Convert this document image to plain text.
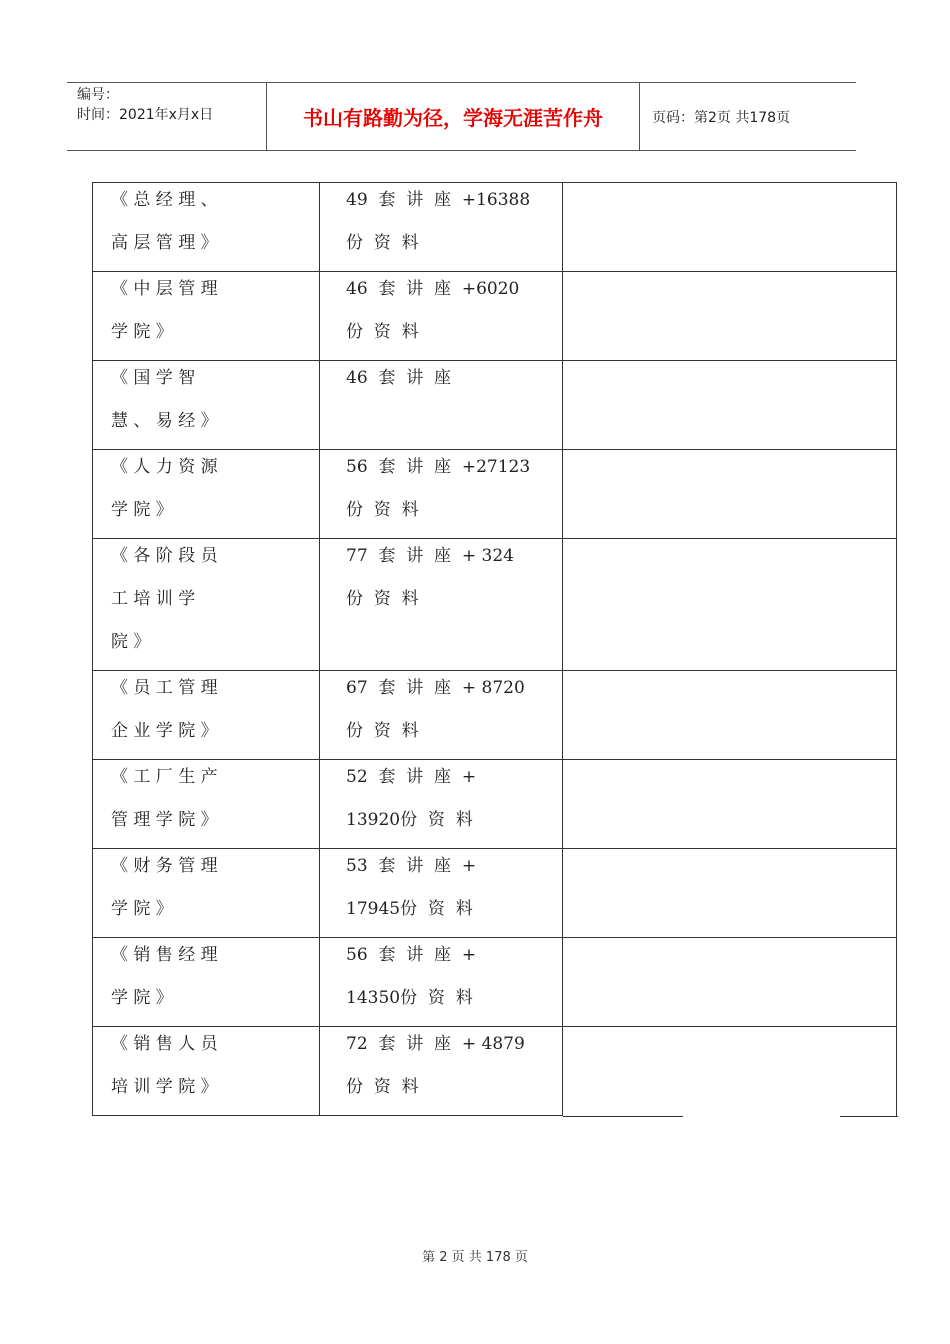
编号：
时间：2021年x月x日	书山有路勤为径，学海无涯苦作舟	页码：第2页 共178页
《 总 经 理 、
高 层 管 理 》
49  套  讲  座  +16388
份  资  料
《 中 层 管 理
学 院 》
46  套  讲  座  +6020
份  资  料
《 国 学 智
慧 、 易 经 》
46  套  讲  座
《 人 力 资 源
学 院 》
56  套  讲  座  +27123
份  资  料
《 各 阶 段 员
工 培 训 学
院 》
77  套  讲  座  + 324
份  资  料
《 员 工 管 理
企 业 学 院 》
67  套  讲  座  + 8720
份  资  料
《 工 厂 生 产
管 理 学 院 》
52  套  讲  座  +
13920份  资  料
《 财 务 管 理
学 院 》
53  套  讲  座  +
17945份  资  料
《 销 售 经 理
学 院 》
56  套  讲  座  +
14350份  资  料
《 销 售 人 员
培 训 学 院 》
72  套  讲  座  + 4879
份  资  料
第 2 页 共 178 页
